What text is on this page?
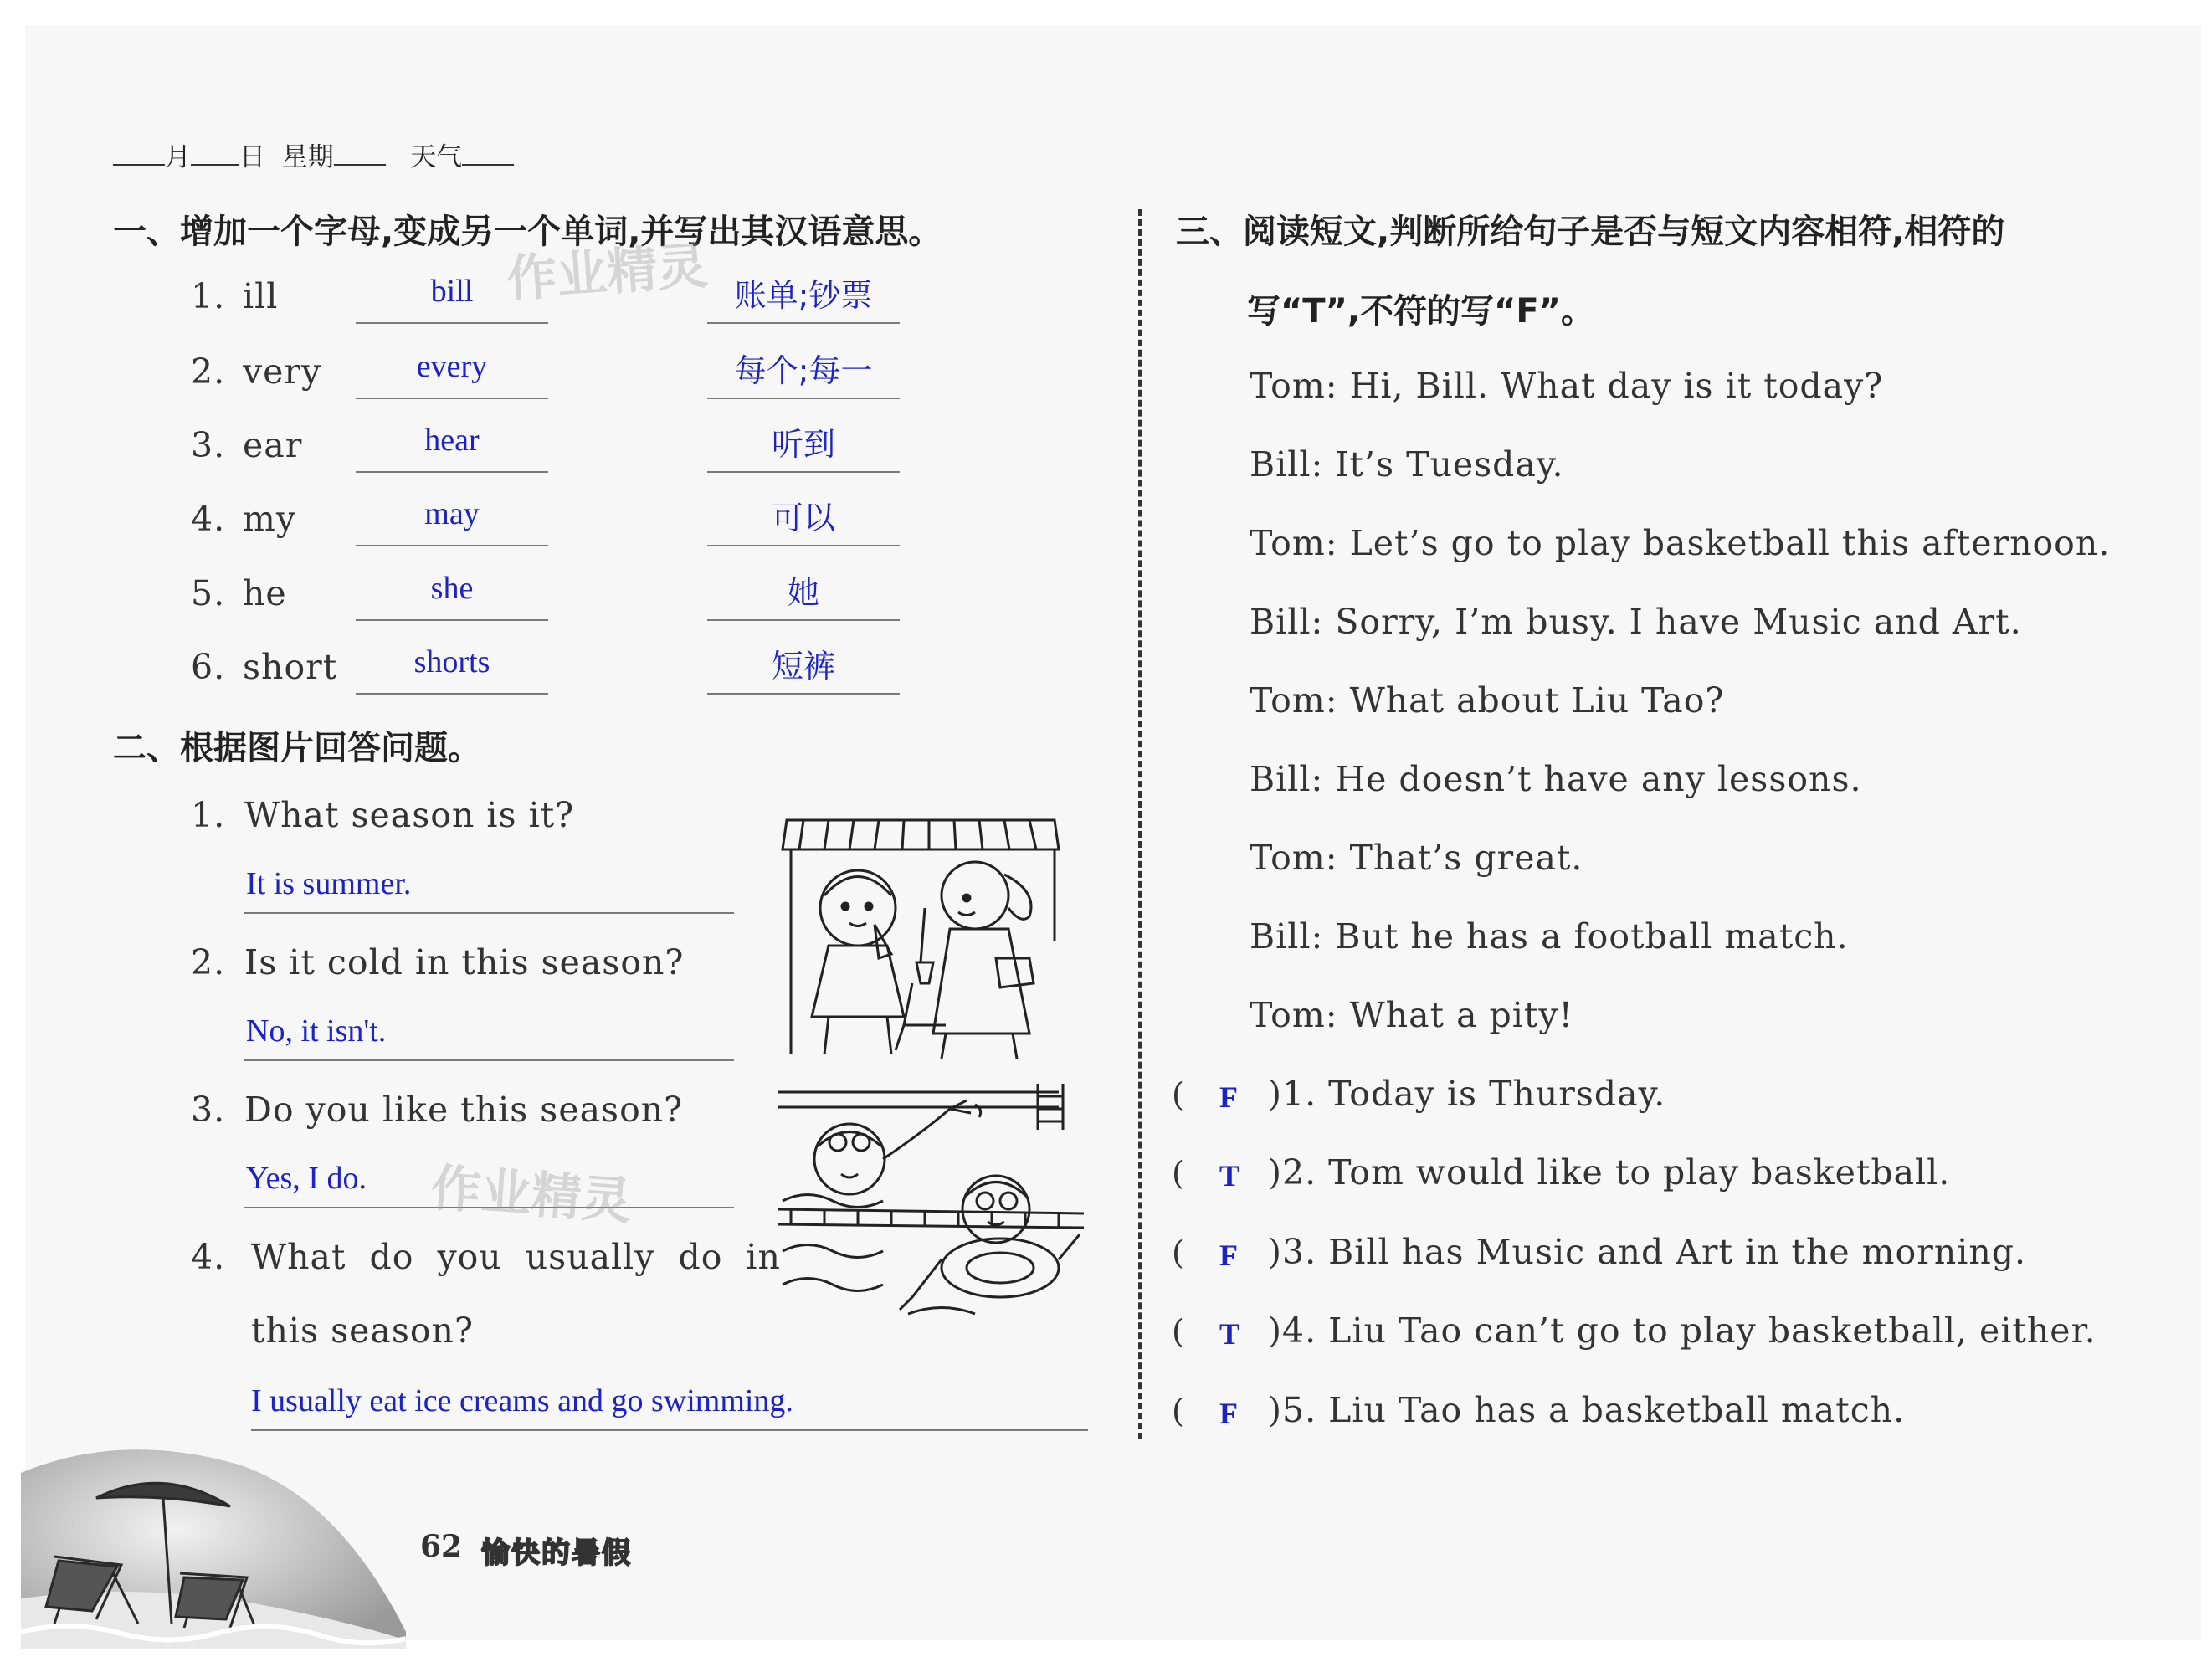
月 日 星期	天气
一、增加一个字母,变成另一个单词,并写出其汉语意思。
1. ill	bill	账单;钞票
2. very	every	每个;每一
3. ear	hear	听到
4. my	may	可以
5. he	she	她
6. short	shorts	短裤
作业精灵
二、根据图片回答问题。
1. What season is it?
It is summer.
2. Is it cold in this season?
No, it isn't.
3. Do you like this season?
Yes, I do.
4. What do you usually do in
this season?
I usually eat ice creams and go swimming.
作业精灵
三、阅读短文,判断所给句子是否与短文内容相符,相符的
写“T”,不符的写“F”。
Tom: Hi, Bill. What day is it today?
Bill: It’s Tuesday.
Tom: Let’s go to play basketball this afternoon.
Bill: Sorry, I’m busy. I have Music and Art.
Tom: What about Liu Tao?
Bill: He doesn’t have any lessons.
Tom: That’s great.
Bill: But he has a football match.
Tom: What a pity!
( F )1. Today is Thursday.
( T )2. Tom would like to play basketball.
( F )3. Bill has Music and Art in the morning.
( T )4. Liu Tao can’t go to play basketball, either.
( F )5. Liu Tao has a basketball match.
62 愉快的暑假
